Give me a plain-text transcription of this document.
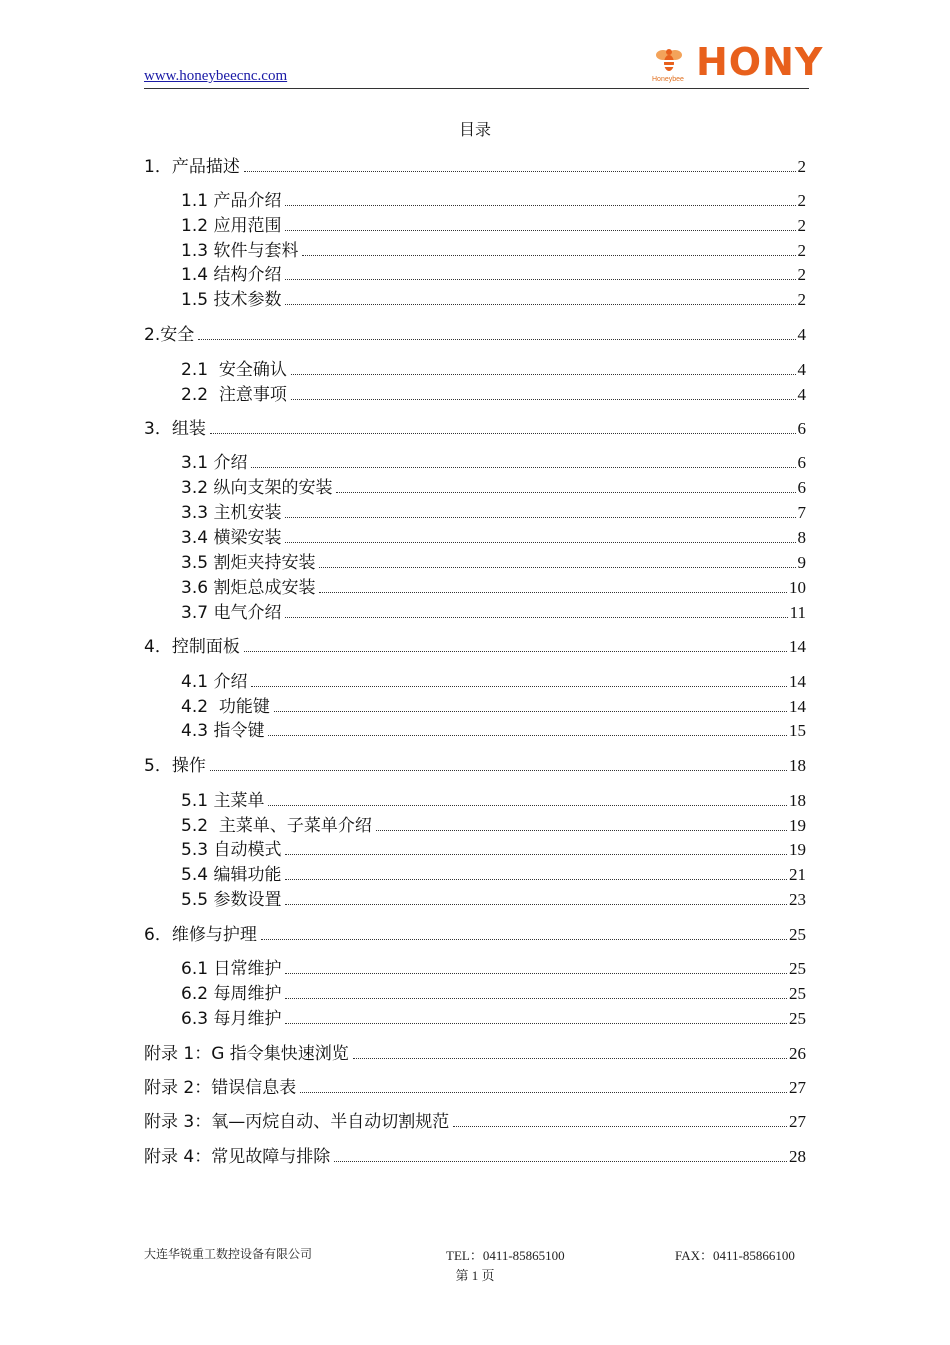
www.honeybeecnc.com	Honeybee HONY
目录
1．产品描述	2
1.1 产品介绍	2
1.2 应用范围	2
1.3 软件与套料	2
1.4 结构介绍	2
1.5 技术参数	2
2.安全	4
2.1  安全确认	4
2.2  注意事项	4
3．组装	6
3.1 介绍	6
3.2 纵向支架的安装	6
3.3 主机安装	7
3.4 横梁安装	8
3.5 割炬夹持安装	9
3.6 割炬总成安装	10
3.7 电气介绍	11
4．控制面板	14
4.1 介绍	14
4.2  功能键	14
4.3 指令键	15
5．操作	18
5.1 主菜单	18
5.2  主菜单、子菜单介绍	19
5.3 自动模式	19
5.4 编辑功能	21
5.5 参数设置	23
6．维修与护理	25
6.1 日常维护	25
6.2 每周维护	25
6.3 每月维护	25
附录 1：G 指令集快速浏览	26
附录 2：错误信息表	27
附录 3：氧—丙烷自动、半自动切割规范	27
附录 4：常见故障与排除	28
大连华锐重工数控设备有限公司	TEL：0411-85865100	FAX：0411-85866100
第 1 页
